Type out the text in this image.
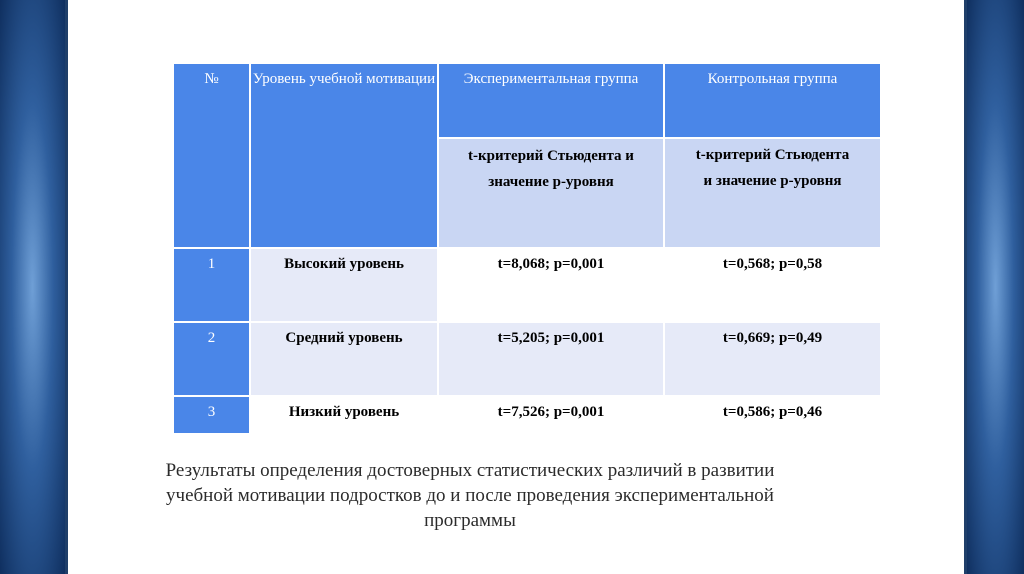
№	Уровень учебной мотивации	Экспериментальная группа	Контрольная группа

		t-критерий Стьюдента и значение р-уровня	t-критерий Стьюдента и значение р-уровня

1	Высокий уровень	t=8,068; р=0,001	t=0,568; р=0,58

2	Средний уровень	t=5,205; р=0,001	t=0,669; р=0,49

3	Низкий уровень	t=7,526; р=0,001	t=0,586; р=0,46
Результаты определения достоверных статистических различий в развитии учебной мотивации подростков до и после проведения экспериментальной программы
